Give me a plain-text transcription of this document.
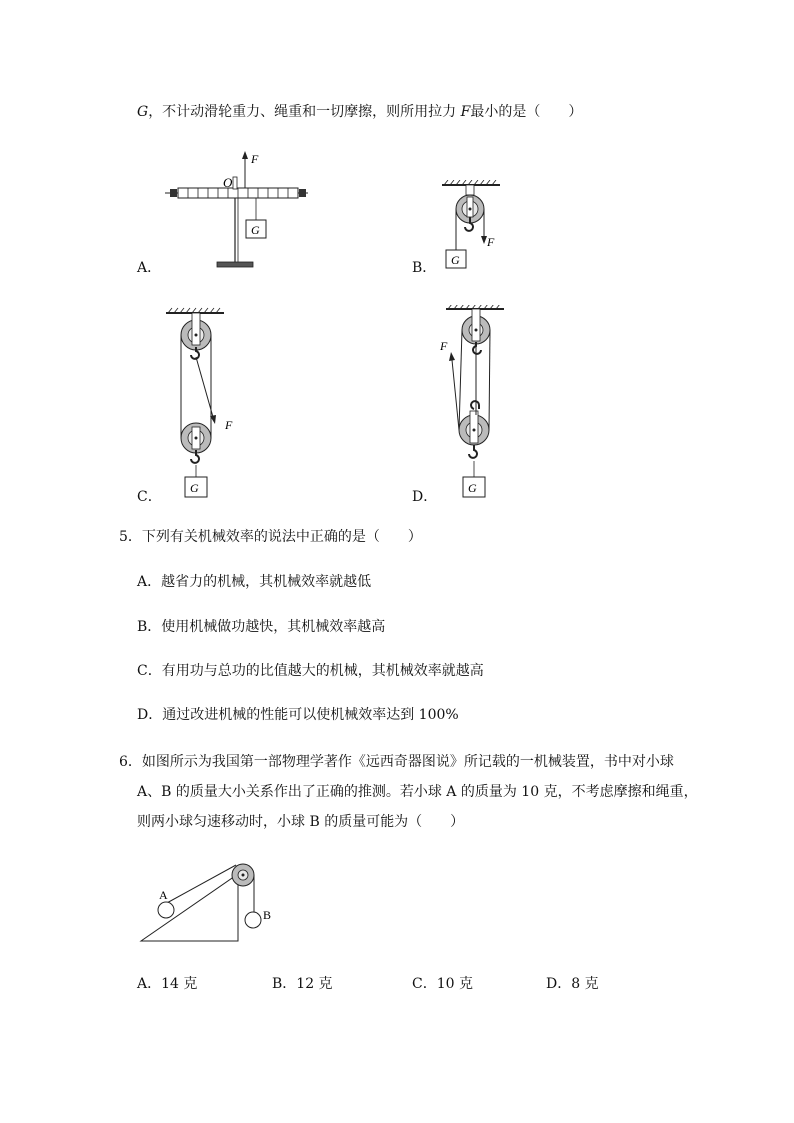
G，不计动滑轮重力、绳重和一切摩擦，则所用拉力 F最小的是（　　）
F
O
G
A．
F
G
B．
F
G
C．
F
G
D．
5．下列有关机械效率的说法中正确的是（　　）
A．越省力的机械，其机械效率就越低
B．使用机械做功越快，其机械效率越高
C．有用功与总功的比值越大的机械，其机械效率就越高
D．通过改进机械的性能可以使机械效率达到 100%
6．如图所示为我国第一部物理学著作《远西奇器图说》所记载的一机械装置，书中对小球
A、B 的质量大小关系作出了正确的推测。若小球 A 的质量为 10 克，不考虑摩擦和绳重，
则两小球匀速移动时，小球 B 的质量可能为（　　）
A
B
A．14 克	B．12 克	C．10 克	D．8 克
